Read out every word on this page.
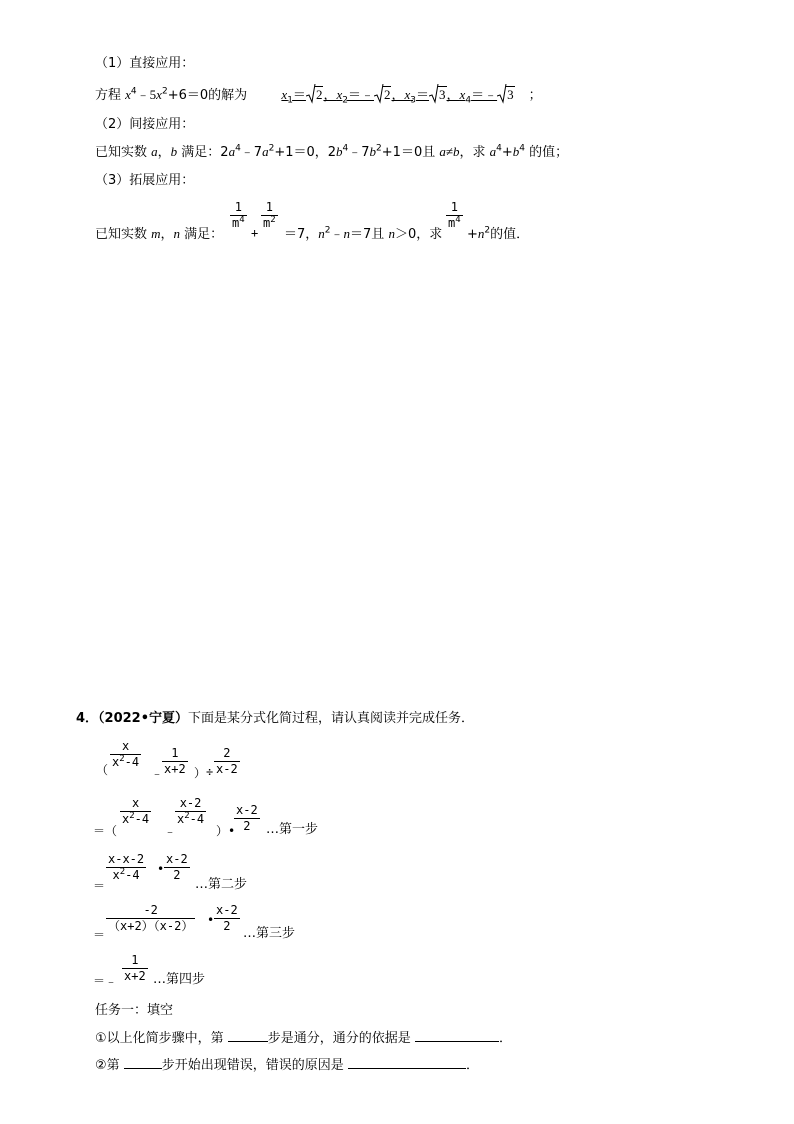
（1）直接应用：
方程 $x^4﹣5x^2+6=0$的解为	$x_1= 2$，$x_2=﹣$ 2，$x_3= 3$，$x_4=﹣$ 3 ；
（2）间接应用：
已知实数 a，b 满足：$2a^4﹣7a^2+1=0$，$2b^4﹣7b^2+1=0$且 a≠b，求 $a^4+b^4$ 的值；
（3）拓展应用：
已知实数 m，n 满足：
$\frac{1}{m^4}$
+
$\frac{1}{m^2}$
＝7，$n^2﹣n=7$且 n＞0，求
$\frac{1}{m^4}$
$+n^2$的值．
4．（2022•宁夏）下面是某分式化简过程，请认真阅读并完成任务．
$\frac{x}{x^2-4}$
（	﹣
$\frac{1}{x+2}$ ） ÷ $\frac{2}{x-2}$
＝（
$\frac{x}{x^2-4}$
﹣
$\frac{x-2}{x^2-4}$
）•
$\frac{x-2}{2}$ …第一步
＝
$\frac{x-x-2}{x^2-4}$ • $\frac{x-2}{2}$
…第二步
＝
$\frac{-2}{(x+2)(x-2)}$ • $\frac{x-2}{2}$ …第三步
＝﹣ $\frac{1}{x+2}$ …第四步
任务一：填空
①以上化简步骤中，第	步是通分，通分的依据是	．
②第	步开始出现错误，错误的原因是	．
